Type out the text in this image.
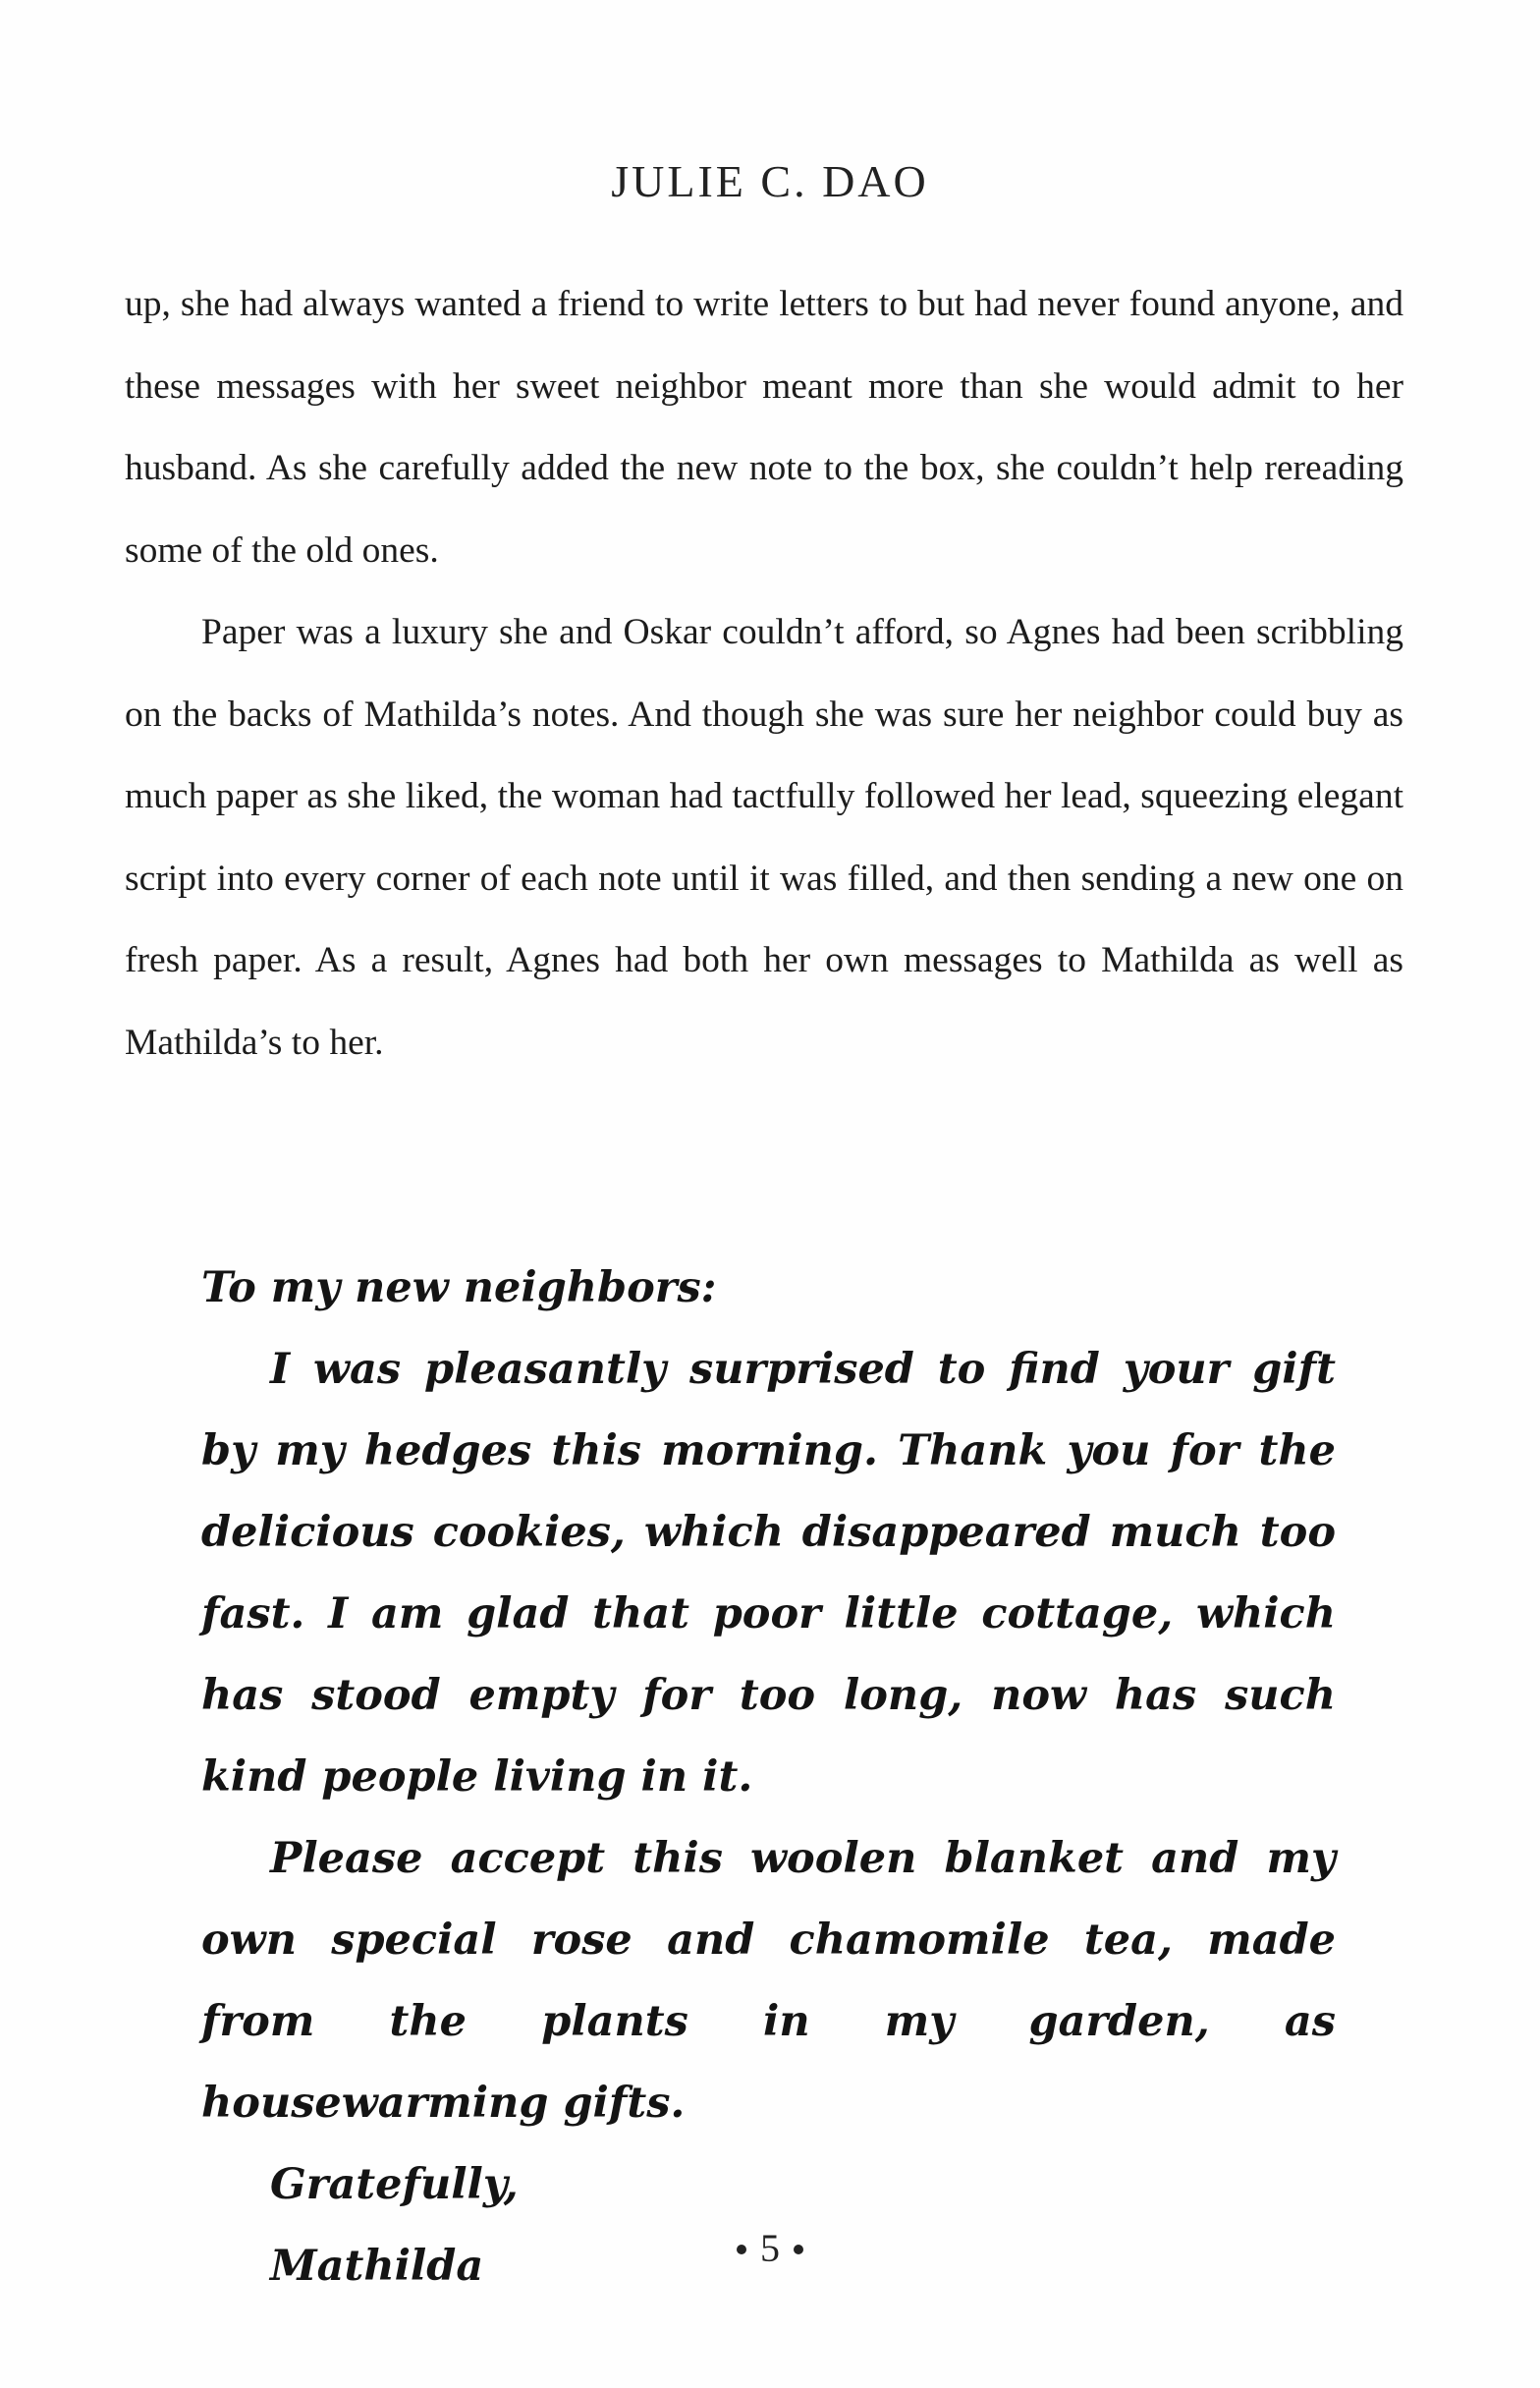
JULIE C. DAO

up, she had always wanted a friend to write letters to but had never found anyone, and these messages with her sweet neighbor meant more than she would admit to her husband. As she carefully added the new note to the box, she couldn’t help rereading some of the old ones.

Paper was a luxury she and Oskar couldn’t afford, so Agnes had been scribbling on the backs of Mathilda’s notes. And though she was sure her neighbor could buy as much paper as she liked, the woman had tactfully followed her lead, squeezing elegant script into every corner of each note until it was filled, and then sending a new one on fresh paper. As a result, Agnes had both her own messages to Mathilda as well as Mathilda’s to her.

To my new neighbors:

I was pleasantly surprised to find your gift by my hedges this morning. Thank you for the delicious cookies, which disappeared much too fast. I am glad that poor little cottage, which has stood empty for too long, now has such kind people living in it.

Please accept this woolen blanket and my own special rose and chamomile tea, made from the plants in my garden, as housewarming gifts.

Gratefully,

Mathilda	5
